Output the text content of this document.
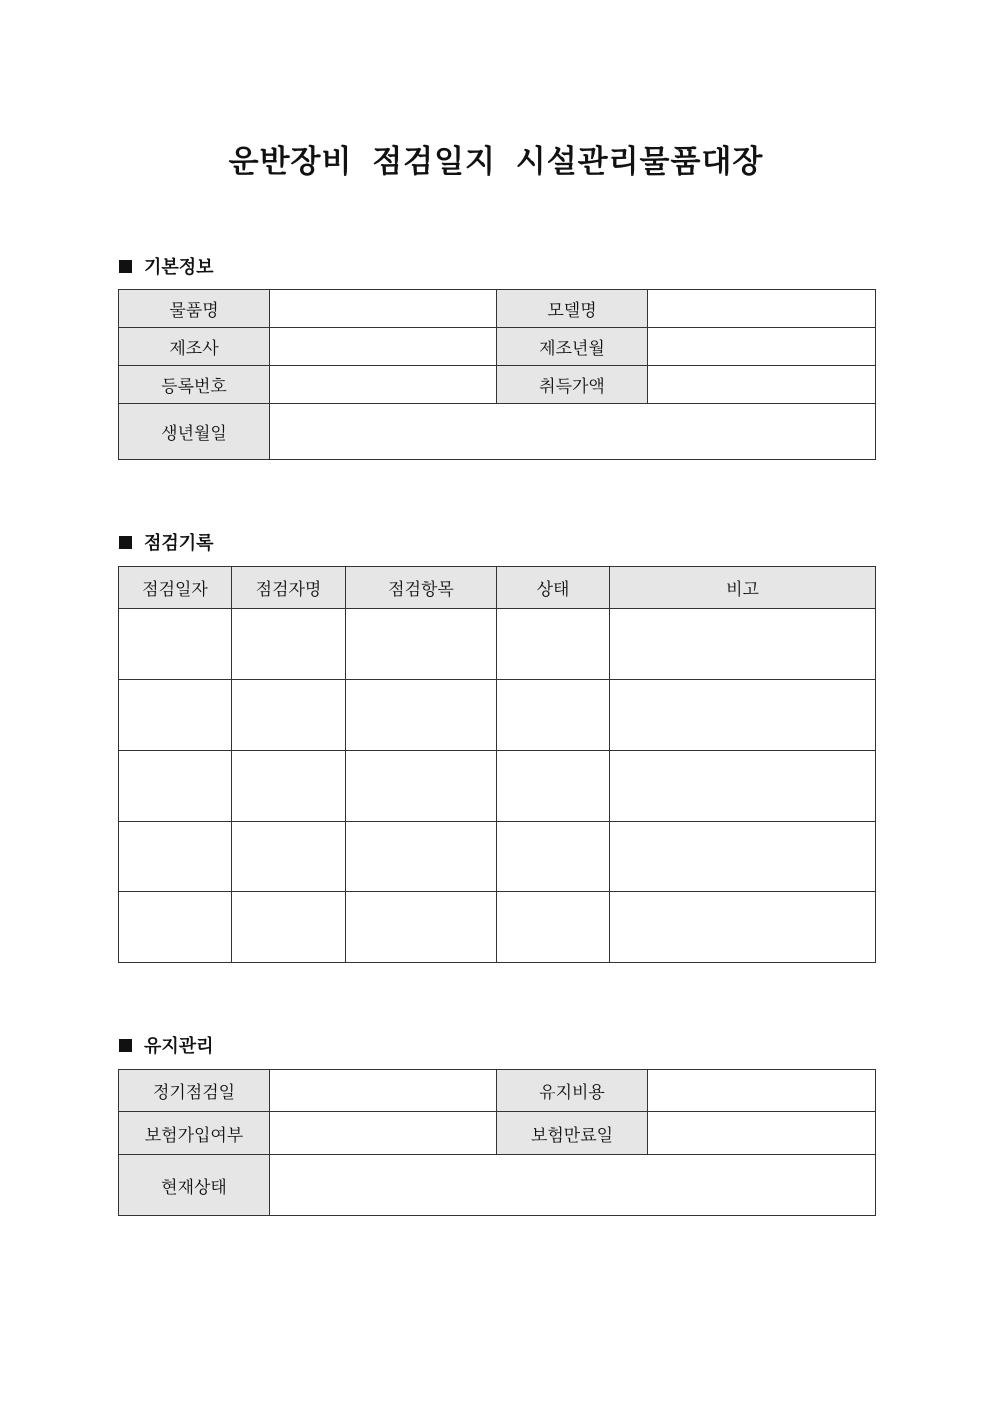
운반장비 점검일지 시설관리물품대장
기본정보
물품명		모델명	
제조사		제조년월	
등록번호		취득가액	
생년월일			
점검기록
점검일자	점검자명	점검항목	상태	비고

유지관리
정기점검일		유지비용	
보험가입여부		보험만료일	
현재상태			
